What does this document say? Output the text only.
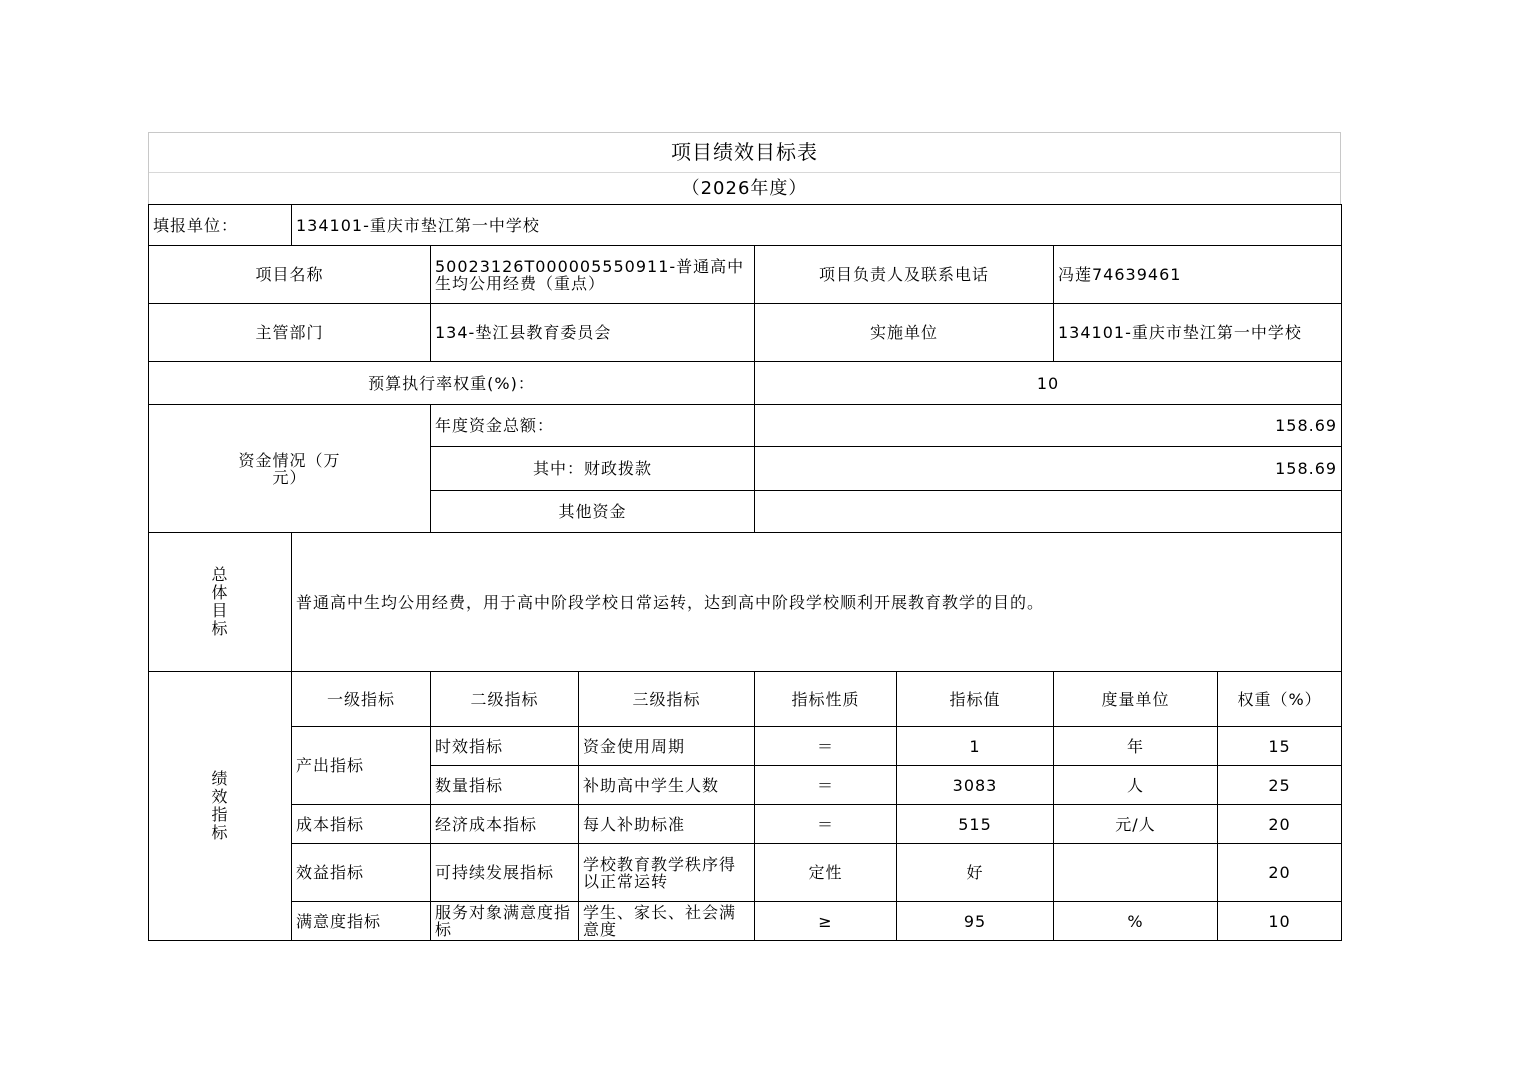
项目绩效目标表
（2026年度）
填报单位：	134101-重庆市垫江第一中学校						
项目名称		50023126T000005550911-普通高中生均公用经费（重点）		项目负责人及联系电话		冯莲74639461	
主管部门		134-垫江县教育委员会		实施单位		134101-重庆市垫江第一中学校	
预算执行率权重(%)：				10			
资金情况（万元）		年度资金总额：		158.69			
		其中：财政拨款		158.69			
		其他资金					
总体目标	普通高中生均公用经费，用于高中阶段学校日常运转，达到高中阶段学校顺利开展教育教学的目的。						
绩效指标	一级指标	二级指标	三级指标	指标性质	指标值	度量单位	权重（%）
	产出指标	时效指标	资金使用周期	＝	1	年	15
		数量指标	补助高中学生人数	＝	3083	人	25
	成本指标	经济成本指标	每人补助标准	＝	515	元/人	20
	效益指标	可持续发展指标	学校教育教学秩序得以正常运转	定性	好		20
	满意度指标	服务对象满意度指标	学生、家长、社会满意度	≥	95	%	10
